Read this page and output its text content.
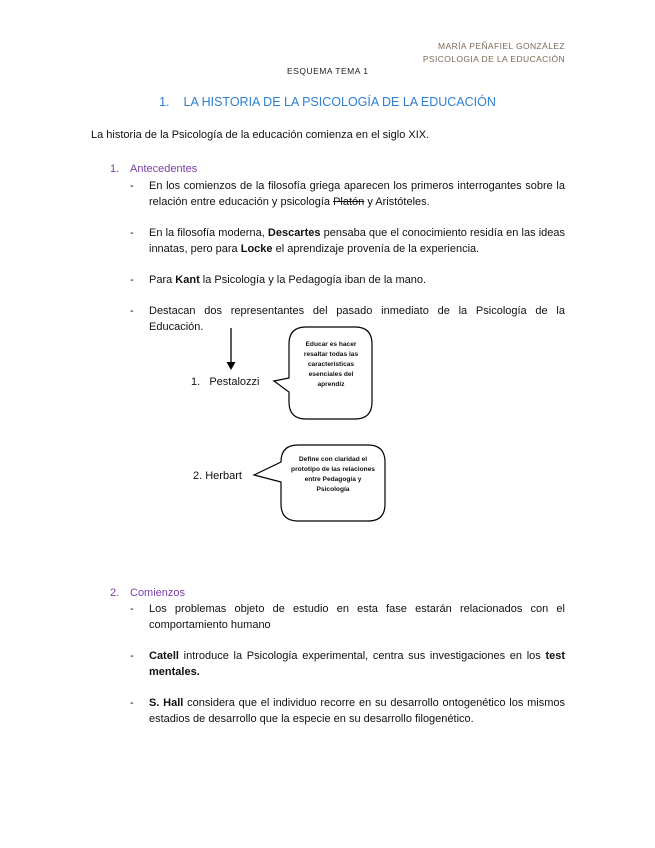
MARÍA PEÑAFIEL GONZÁLEZ
PSICOLOGIA DE LA EDUCACIÓN
ESQUEMA TEMA 1
1. LA HISTORIA DE LA PSICOLOGÍA DE LA EDUCACIÓN
La historia de la Psicología de la educación comienza en el siglo XIX.
1. Antecedentes
- En los comienzos de la filosofía griega aparecen los primeros interrogantes sobre la relación entre educación y psicología Platón y Aristóteles.
- En la filosofía moderna, Descartes pensaba que el conocimiento residía en las ideas innatas, pero para Locke el aprendizaje provenía de la experiencia.
- Para Kant la Psicología y la Pedagogía iban de la mano.
- Destacan dos representantes del pasado inmediato de la Psicología de la Educación.
1.   Pestalozzi
Educar es hacer resaltar todas las características esenciales del aprendiz
2. Herbart
Define con claridad el prototipo de las relaciones entre Pedagogía y Psicología
2. Comienzos
- Los problemas objeto de estudio en esta fase estarán relacionados con el comportamiento humano
- Catell introduce la Psicología experimental, centra sus investigaciones en los test mentales.
- S. Hall considera que el individuo recorre en su desarrollo ontogenético los mismos estadios de desarrollo que la especie en su desarrollo filogenético.
